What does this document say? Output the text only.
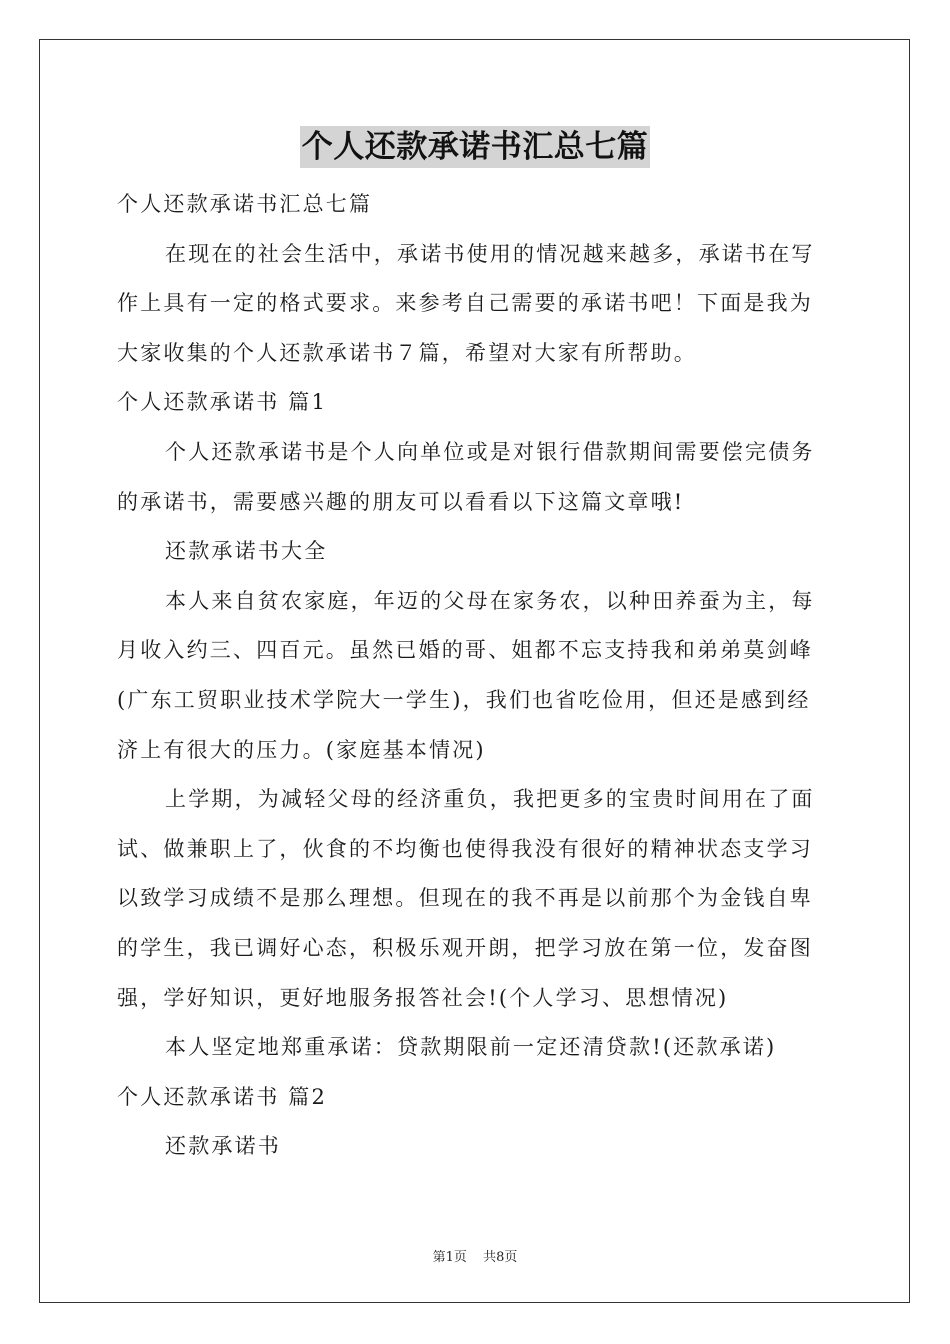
个人还款承诺书汇总七篇
个人还款承诺书汇总七篇
在现在的社会生活中，承诺书使用的情况越来越多，承诺书在写
作上具有一定的格式要求。来参考自己需要的承诺书吧！下面是我为
大家收集的个人还款承诺书７篇，希望对大家有所帮助。
个人还款承诺书 篇1
个人还款承诺书是个人向单位或是对银行借款期间需要偿完债务
的承诺书，需要感兴趣的朋友可以看看以下这篇文章哦!
还款承诺书大全
本人来自贫农家庭，年迈的父母在家务农，以种田养蚕为主，每
月收入约三、四百元。虽然已婚的哥、姐都不忘支持我和弟弟莫剑峰
(广东工贸职业技术学院大一学生)，我们也省吃俭用，但还是感到经
济上有很大的压力。(家庭基本情况)
上学期，为减轻父母的经济重负，我把更多的宝贵时间用在了面
试、做兼职上了，伙食的不均衡也使得我没有很好的精神状态支学习
以致学习成绩不是那么理想。但现在的我不再是以前那个为金钱自卑
的学生，我已调好心态，积极乐观开朗，把学习放在第一位，发奋图
强，学好知识，更好地服务报答社会!(个人学习、思想情况)
本人坚定地郑重承诺：贷款期限前一定还清贷款!(还款承诺)
个人还款承诺书 篇2
还款承诺书
第1页 共8页
